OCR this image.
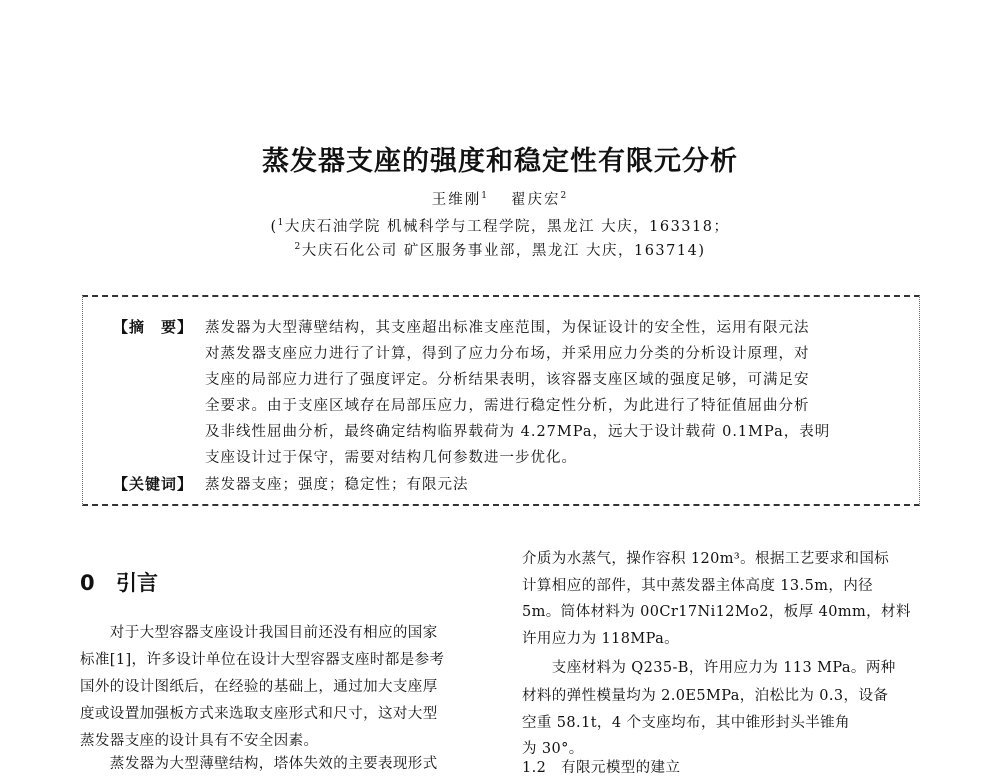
蒸发器支座的强度和稳定性有限元分析
王维刚$^1$ 翟庆宏$^2$
($^1$大庆石油学院 机械科学与工程学院，黑龙江 大庆，163318；
$^2$大庆石化公司 矿区服务事业部，黑龙江 大庆，163714)
【摘　要】 蒸发器为大型薄壁结构，其支座超出标准支座范围，为保证设计的安全性，运用有限元法
对蒸发器支座应力进行了计算，得到了应力分布场，并采用应力分类的分析设计原理，对
支座的局部应力进行了强度评定。分析结果表明，该容器支座区域的强度足够，可满足安
全要求。由于支座区域存在局部压应力，需进行稳定性分析，为此进行了特征值屈曲分析
及非线性屈曲分析，最终确定结构临界载荷为 4.27MPa，远大于设计载荷 0.1MPa，表明
支座设计过于保守，需要对结构几何参数进一步优化。
【关键词】 蒸发器支座；强度；稳定性；有限元法
0 引言
　　对于大型容器支座设计我国目前还没有相应的国家
标准[1]，许多设计单位在设计大型容器支座时都是参考
国外的设计图纸后，在经验的基础上，通过加大支座厚
度或设置加强板方式来选取支座形式和尺寸，这对大型
蒸发器支座的设计具有不安全因素。
　　蒸发器为大型薄壁结构，塔体失效的主要表现形式
介质为水蒸气，操作容积 120m³。根据工艺要求和国标
计算相应的部件，其中蒸发器主体高度 13.5m，内径
5m。筒体材料为 00Cr17Ni12Mo2，板厚 40mm，材料
许用应力为 118MPa。
　　支座材料为 Q235-B，许用应力为 113 MPa。两种
材料的弹性模量均为 2.0E5MPa，泊松比为 0.3，设备
空重 58.1t，4 个支座均布，其中锥形封头半锥角
为 30°。
1.2　有限元模型的建立
